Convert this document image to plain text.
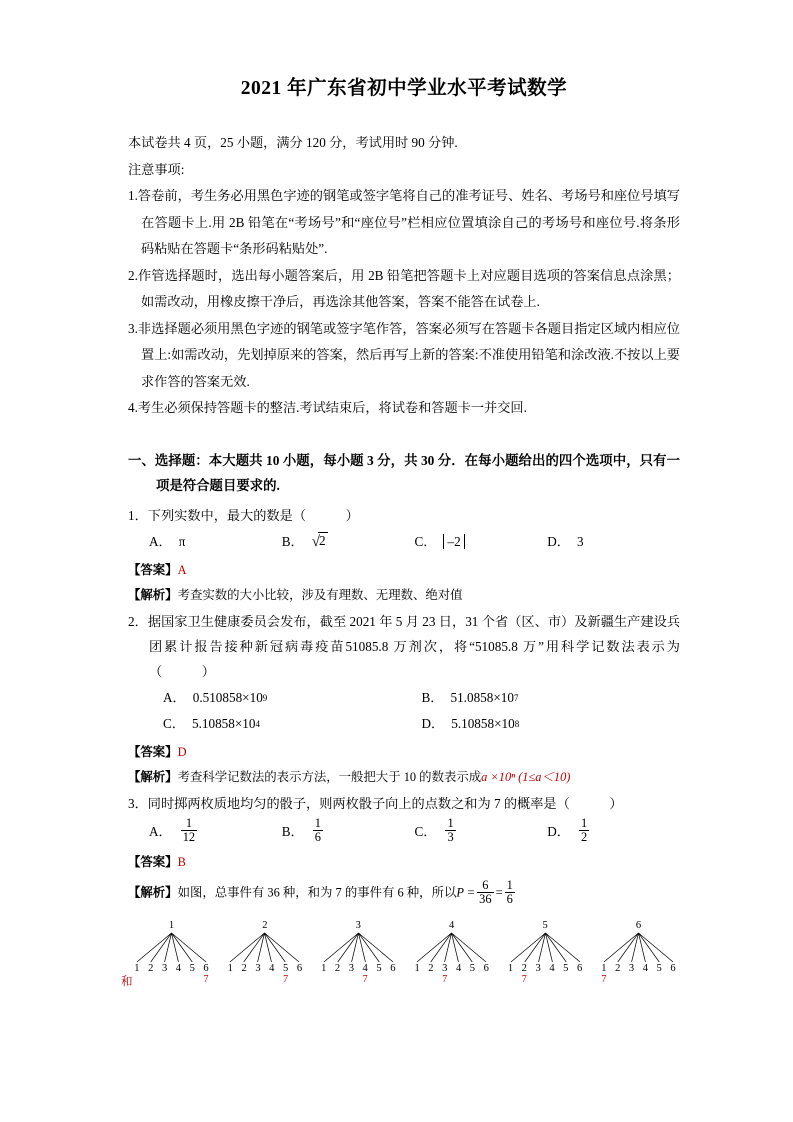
2021 年广东省初中学业水平考试数学
本试卷共 4 页，25 小题，满分 120 分，考试用时 90 分钟.
注意事项:
1.答卷前，考生务必用黑色字迹的钢笔或签字笔将自己的准考证号、姓名、考场号和座位号填写在答题卡上.用 2B 铅笔在“考场号”和“座位号”栏相应位置填涂自己的考场号和座位号.将条形码粘贴在答题卡“条形码粘贴处”.
2.作管选择题时，选出每小题答案后，用 2B 铅笔把答题卡上对应题目选项的答案信息点涂黑；如需改动，用橡皮擦干净后，再选涂其他答案，答案不能答在试卷上.
3.非选择题必须用黑色字迹的钢笔或签字笔作答，答案必须写在答题卡各题目指定区域内相应位置上:如需改动，先划掉原来的答案，然后再写上新的答案:不准使用铅笔和涂改液.不按以上要求作答的答案无效.
4.考生必须保持答题卡的整洁.考试结束后，将试卷和答题卡一并交回.
一、选择题：本大题共 10 小题，每小题 3 分，共 30 分．在每小题给出的四个选项中，只有一项是符合题目要求的.
1．下列实数中，最大的数是（　　　）
A． π	B． √2	C． –2	D． 3
【答案】A
【解析】考查实数的大小比较，涉及有理数、无理数、绝对值
2．据国家卫生健康委员会发布，截至 2021 年 5 月 23 日，31 个省（区、市）及新疆生产建设兵团累计报告接种新冠病毒疫苗51085.8 万剂次，将“51085.8 万”用科学记数法表示为（　　　）
A． 0.510858×10 9	B． 51.0858×10 7
C． 5.10858×10 4	D． 5.10858×10 8
【答案】D
【解析】考查科学记数法的表示方法，一般把大于 10 的数表示成a ×10ⁿ (1≤a＜10)
3．同时掷两枚质地均匀的骰子，则两枚骰子向上的点数之和为 7 的概率是（　　　）
A． $\frac{1}{12}$	B． $\frac{1}{6}$	C． $\frac{1}{3}$	D． $\frac{1}{2}$
【答案】B
【解析】如图，总事件有 36 种，和为 7 的事件有 6 种，所以$P = \frac{6}{36} = \frac{1}{6}$
和
1
1 2 3 4 5 6
7
2
1 2 3 4 5
7
6
3
1 2 3 4
7
5 6
4
1 2 3
7
4 5 6
5
1 2
7
3 4 5 6
6
1
7
2 3 4 5 6
